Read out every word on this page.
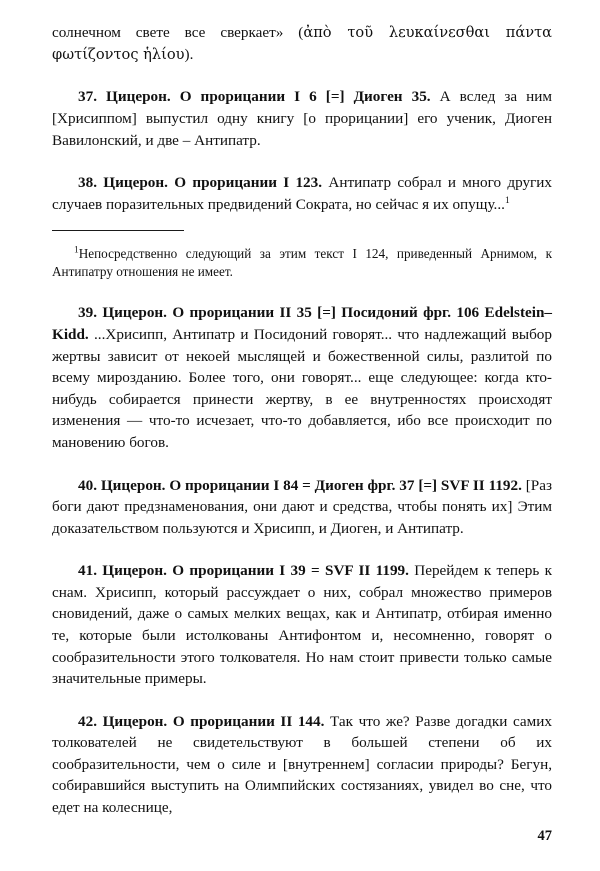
солнечном свете все сверкает» (ἀπὸ τοῦ λευκαίνεσθαι πάντα φωτίζοντος ἡλίου).

37. Цицерон. О прорицании I 6 [=] Диоген 35. А вслед за ним [Хрисиппом] выпустил одну книгу [о прорицании] его ученик, Диоген Вавилонский, и две – Антипатр.

38. Цицерон. О прорицании I 123. Антипатр собрал и много других случаев поразительных предвидений Сократа, но сейчас я их опущу...$^1$

$^1$Непосредственно следующий за этим текст I 124, приведенный Арнимом, к Антипатру отношения не имеет.

39. Цицерон. О прорицании II 35 [=] Посидоний фрг. 106 Edelstein–Kidd. ...Хрисипп, Антипатр и Посидоний говорят... что надлежащий выбор жертвы зависит от некоей мыслящей и божественной силы, разлитой по всему мирозданию. Более того, они говорят... еще следующее: когда кто-нибудь собирается принести жертву, в ее внутренностях происходят изменения — что-то исчезает, что-то добавляется, ибо все происходит по мановению богов.

40. Цицерон. О прорицании I 84 = Диоген фрг. 37 [=] SVF II 1192. [Раз боги дают предзнаменования, они дают и средства, чтобы понять их] Этим доказательством пользуются и Хрисипп, и Диоген, и Антипатр.

41. Цицерон. О прорицании I 39 = SVF II 1199. Перейдем к теперь к снам. Хрисипп, который рассуждает о них, собрал множество примеров сновидений, даже о самых мелких вещах, как и Антипатр, отбирая именно те, которые были истолкованы Антифонтом и, несомненно, говорят о сообразительности этого толкователя. Но нам стоит привести только самые значительные примеры.

42. Цицерон. О прорицании II 144. Так что же? Разве догадки самих толкователей не свидетельствуют в большей степени об их сообразительности, чем о силе и [внутреннем] согласии природы? Бегун, собиравшийся выступить на Олимпийских состязаниях, увидел во сне, что едет на колеснице,

47
